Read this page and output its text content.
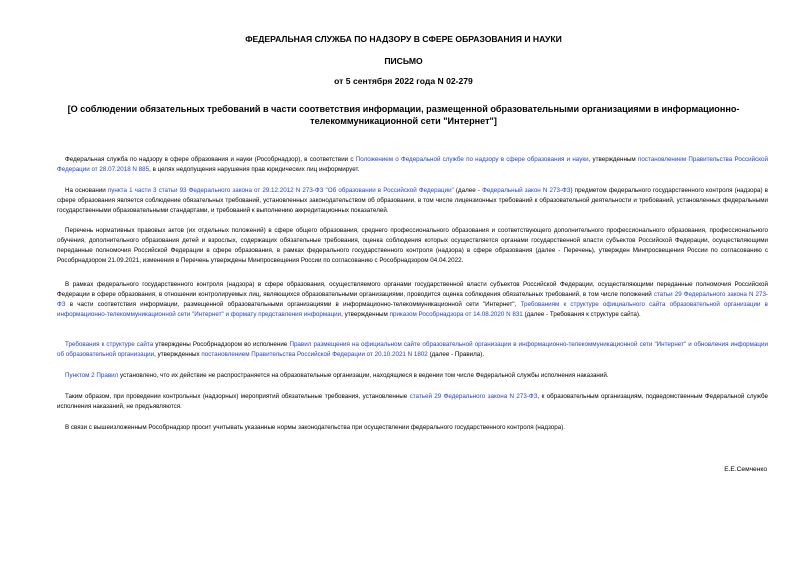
ФЕДЕРАЛЬНАЯ СЛУЖБА ПО НАДЗОРУ В СФЕРЕ ОБРАЗОВАНИЯ И НАУКИ
ПИСЬМО
от 5 сентября 2022 года N 02-279
[О соблюдении обязательных требований в части соответствия информации, размещенной образовательными организациями в информационно-телекоммуникационной сети "Интернет"]

Федеральная служба по надзору в сфере образования и науки (Рособрнадзор), в соответствии с Положением о Федеральной службе по надзору в сфере образования и науки, утвержденным постановлением Правительства Российской Федерации от 28.07.2018 N 885, в целях недопущения нарушения прав юридических лиц информирует.

На основании пункта 1 части 3 статьи 93 Федерального закона от 29.12.2012 N 273-ФЗ "Об образовании в Российской Федерации" (далее - Федеральный закон N 273-ФЗ) предметом федерального государственного контроля (надзора) в сфере образования является соблюдение обязательных требований, установленных законодательством об образовании, в том числе лицензионных требований к образовательной деятельности и требований, установленных федеральными государственными образовательными стандартами, и требований к выполнению аккредитационных показателей.

Перечень нормативных правовых актов (их отдельных положений) в сфере общего образования, среднего профессионального образования и соответствующего дополнительного профессионального образования, профессионального обучения, дополнительного образования детей и взрослых, содержащих обязательные требования, оценка соблюдения которых осуществляется органами государственной власти субъектов Российской Федерации, осуществляющими переданные полномочия Российской Федерации в сфере образования, в рамках федерального государственного контроля (надзора) в сфере образования (далее - Перечень), утвержден Минпросвещения России по согласованию с Рособрнадзором 21.09.2021, изменения в Перечень утверждены Минпросвещения России по согласованию с Рособрнадзором 04.04.2022.

В рамках федерального государственного контроля (надзора) в сфере образования, осуществляемого органами государственной власти субъектов Российской Федерации, осуществляющими переданные полномочия Российской Федерации в сфере образования, в отношении контролируемых лиц, являющихся образовательными организациями, проводится оценка соблюдения обязательных требований, в том числе положений статьи 29 Федерального закона N 273-ФЗ в части соответствия информации, размещенной образовательными организациями в информационно-телекоммуникационной сети "Интернет", Требованиям к структуре официального сайта образовательной организации в информационно-телекоммуникационной сети "Интернет" и формату представления информации, утвержденным приказом Рособрнадзора от 14.08.2020 N 831 (далее - Требования к структуре сайта).

Требования к структуре сайта утверждены Рособрнадзором во исполнение Правил размещения на официальном сайте образовательной организации в информационно-телекоммуникационной сети "Интернет" и обновления информации об образовательной организации, утвержденных постановлением Правительства Российской Федерации от 20.10.2021 N 1802 (далее - Правила).

Пунктом 2 Правил установлено, что их действие не распространяется на образовательные организации, находящиеся в ведении том числе Федеральной службы исполнения наказаний.

Таким образом, при проведении контрольных (надзорных) мероприятий обязательные требования, установленные статьей 29 Федерального закона N 273-ФЗ, к образовательным организациям, подведомственным Федеральной службе исполнения наказаний, не предъявляются.

В связи с вышеизложенным Рособрнадзор просит учитывать указанные нормы законодательства при осуществлении федерального государственного контроля (надзора).

Е.Е.Семченко
